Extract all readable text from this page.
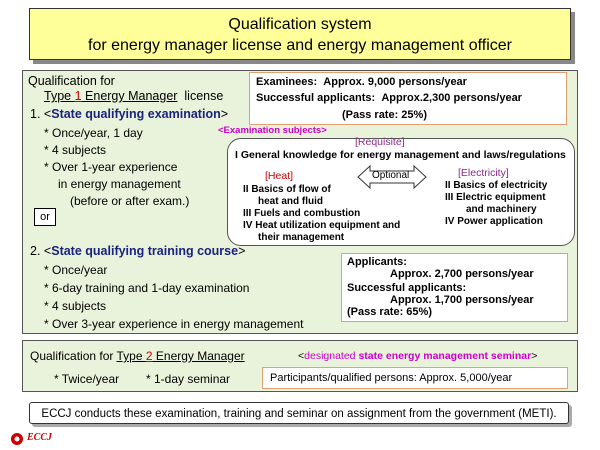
Qualification system
for energy manager license and energy management officer
Qualification for
Type 1 Energy Manager license
1. <State qualifying examination>
* Once/year, 1 day
* 4 subjects
* Over 1-year experience
in energy management
(before or after exam.)
or
Examinees: Approx. 9,000 persons/year
Successful applicants: Approx.2,300 persons/year
(Pass rate: 25%)
<Examination subjects>
[Requisite]
I General knowledge for energy management and laws/regulations
[Heat]
II Basics of flow of
heat and fluid
III Fuels and combustion
IV Heat utilization equipment and
their management
Optional	[Electricity]
II Basics of electricity
III Electric equipment
and machinery
IV Power application
2. <State qualifying training course>
* Once/year
* 6-day training and 1-day examination
* 4 subjects
* Over 3-year experience in energy management
Applicants:
Approx. 2,700 persons/year
Successful applicants:
Approx. 1,700 persons/year
(Pass rate: 65%)
Qualification for Type 2 Energy Manager	<designated state energy management seminar>
* Twice/year * 1-day seminar	Participants/qualified persons: Approx. 5,000/year
ECCJ conducts these examination, training and seminar on assignment from the government (METI).
ECCJ
